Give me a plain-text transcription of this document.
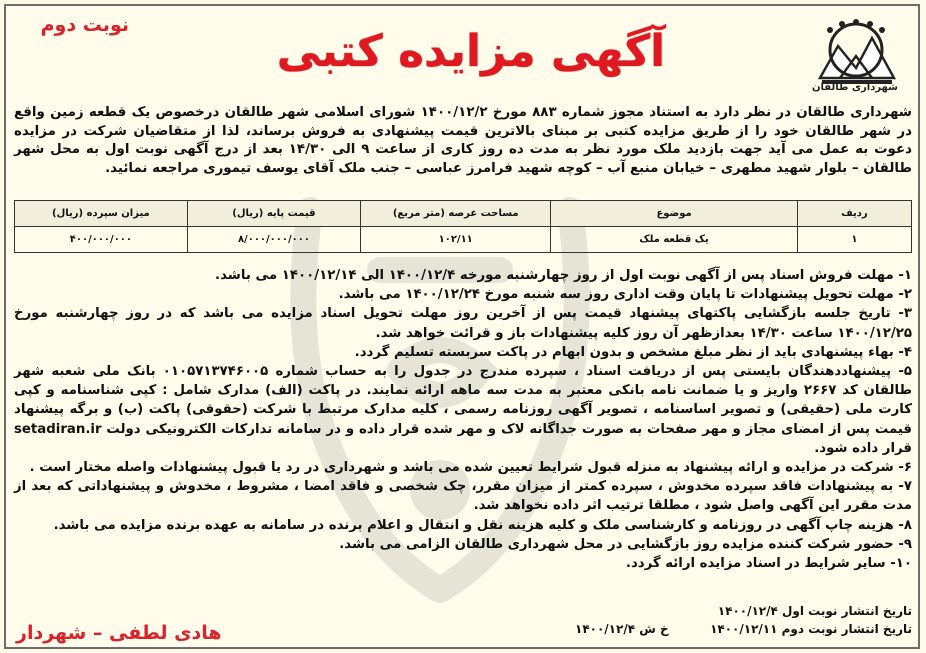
نوبت دوم
شهرداری طالقان
آگهی مزایده کتبی
شهرداری طالقان در نظر دارد به استناد مجوز شماره ۸۸۳ مورخ ۱۴۰۰/۱۲/۲ شورای اسلامی شهر طالقان درخصوص یک قطعه زمین واقع در شهر طالقان خود را از طریق مزایده کتبی بر مبنای بالاترین قیمت پیشنهادی به فروش برساند، لذا از متقاضیان شرکت در مزایده دعوت به عمل می آید جهت بازدید ملک مورد نظر به مدت ده روز کاری از ساعت ۹ الی ۱۴/۳۰ بعد از درج آگهی نوبت اول به محل شهر طالقان – بلوار شهید مطهری – خیابان منبع آب – کوچه شهید فرامرز عباسی – جنب ملک آقای یوسف تیموری مراجعه نمائید.
ردیف	موضوع	مساحت عرصه (متر مربع)	قیمت پایه (ریال)	میزان سپرده (ریال)
۱	یک قطعه ملک	۱۰۲/۱۱	۸/۰۰۰/۰۰۰/۰۰۰	۴۰۰/۰۰۰/۰۰۰
۱- مهلت فروش اسناد پس از آگهی نوبت اول از روز چهارشنبه مورخه ۱۴۰۰/۱۲/۴ الی ۱۴۰۰/۱۲/۱۴ می باشد.
۲- مهلت تحویل پیشنهادات تا پایان وقت اداری روز سه شنبه مورخ ۱۴۰۰/۱۲/۲۴ می باشد.
۳- تاریخ جلسه بازگشایی پاکتهای پیشنهاد قیمت پس از آخرین روز مهلت تحویل اسناد مزایده می باشد که در روز چهارشنبه مورخ ۱۴۰۰/۱۲/۲۵ ساعت ۱۴/۳۰ بعدازظهر آن روز کلیه پیشنهادات باز و قرائت خواهد شد.
۴- بهاء پیشنهادی باید از نظر مبلغ مشخص و بدون ابهام در پاکت سربسته تسلیم گردد.
۵- پیشنهاددهندگان بایستی پس از دریافت اسناد ، سپرده مندرج در جدول را به حساب شماره ۰۱۰۵۷۱۳۷۴۶۰۰۵ بانک ملی شعبه شهر طالقان کد ۲۶۶۷ واریز و یا ضمانت نامه بانکی معتبر به مدت سه ماهه ارائه نمایند. در پاکت (الف) مدارک شامل : کپی شناسنامه و کپی کارت ملی (حقیقی) و تصویر اساسنامه ، تصویر آگهی روزنامه رسمی ، کلیه مدارک مرتبط با شرکت (حقوقی) پاکت (ب) و برگه پیشنهاد قیمت پس از امضای مجاز و مهر صفحات به صورت جداگانه لاک و مهر شده قرار داده و در سامانه تدارکات الکترونیکی دولت setadiran.ir قرار داده شود.
۶- شرکت در مزایده و ارائه پیشنهاد به منزله قبول شرایط تعیین شده می باشد و شهرداری در رد یا قبول پیشنهادات واصله مختار است .
۷- به پیشنهادات فاقد سپرده مخدوش ، سپرده کمتر از میزان مقرر، چک شخصی و فاقد امضا ، مشروط ، مخدوش و پیشنهاداتی که بعد از مدت مقرر این آگهی واصل شود ، مطلقا ترتیب اثر داده نخواهد شد.
۸- هزینه چاپ آگهی در روزنامه و کارشناسی ملک و کلیه هزینه نقل و انتقال و اعلام برنده در سامانه به عهده برنده مزایده می باشد.
۹- حضور شرکت کننده مزایده روز بازگشایی در محل شهرداری طالقان الزامی می باشد.
۱۰- سایر شرایط در اسناد مزایده ارائه گردد.
تاریخ انتشار نوبت اول ۱۴۰۰/۱۲/۴
تاریخ انتشار نوبت دوم ۱۴۰۰/۱۲/۱۱
خ ش ۱۴۰۰/۱۲/۴
هادی لطفی – شهردار
